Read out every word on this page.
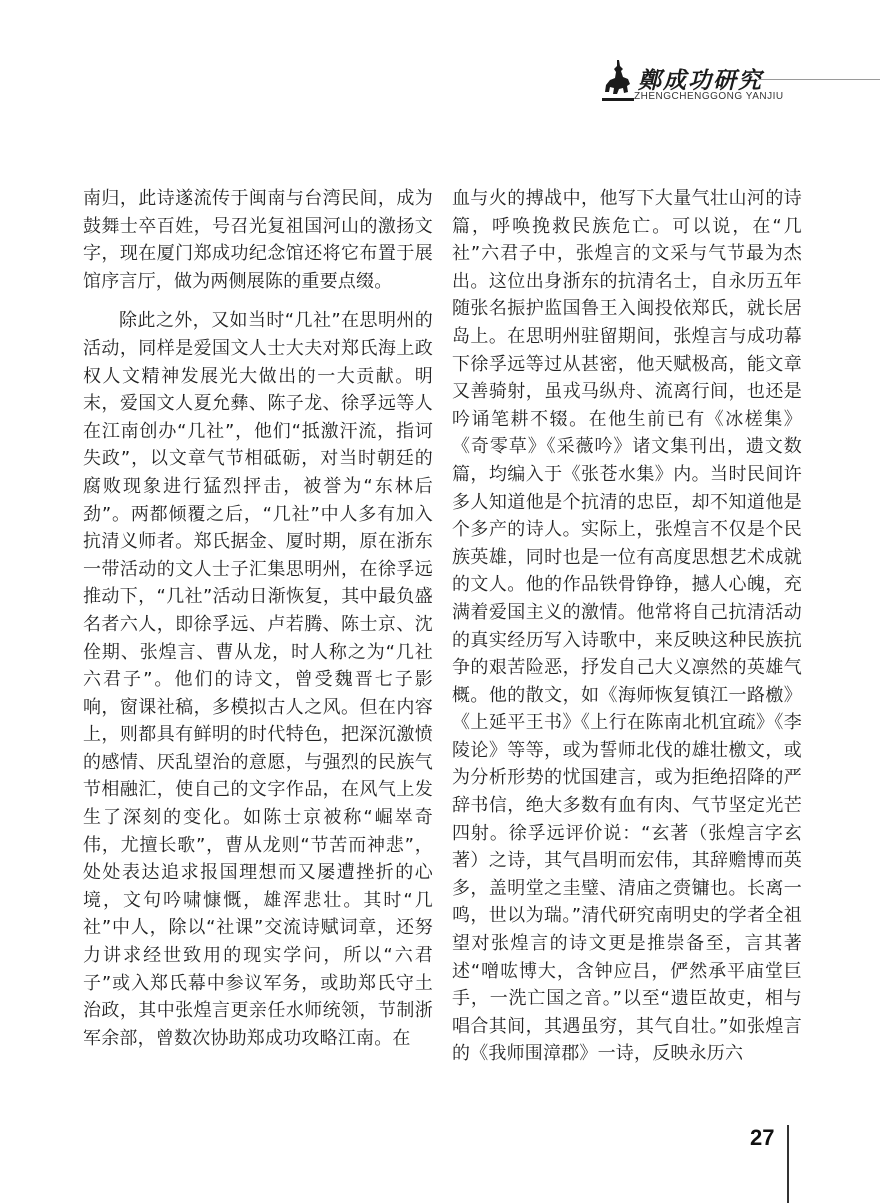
鄭成功研究
ZHENGCHENGGONG YANJIU

南归，此诗遂流传于闽南与台湾民间，成为鼓舞士卒百姓，号召光复祖国河山的激扬文字，现在厦门郑成功纪念馆还将它布置于展馆序言厅，做为两侧展陈的重要点缀。

除此之外，又如当时“几社”在思明州的活动，同样是爱国文人士大夫对郑氏海上政权人文精神发展光大做出的一大贡献。明末，爱国文人夏允彝、陈子龙、徐孚远等人在江南创办“几社”，他们“抵激汗流，指诃失政”，以文章气节相砥砺，对当时朝廷的腐败现象进行猛烈抨击，被誉为“东林后劲”。两都倾覆之后，“几社”中人多有加入抗清义师者。郑氏据金、厦时期，原在浙东一带活动的文人士子汇集思明州，在徐孚远推动下，“几社”活动日渐恢复，其中最负盛名者六人，即徐孚远、卢若腾、陈士京、沈佺期、张煌言、曹从龙，时人称之为“几社六君子”。他们的诗文，曾受魏晋七子影响，窗课社稿，多模拟古人之风。但在内容上，则都具有鲜明的时代特色，把深沉激愤的感情、厌乱望治的意愿，与强烈的民族气节相融汇，使自己的文字作品，在风气上发生了深刻的变化。如陈士京被称“崛崒奇伟，尤擅长歌”，曹从龙则“节苦而神悲”，处处表达追求报国理想而又屡遭挫折的心境，文句吟啸慷慨，雄浑悲壮。其时“几社”中人，除以“社课”交流诗赋词章，还努力讲求经世致用的现实学问，所以“六君子”或入郑氏幕中参议军务，或助郑氏守土治政，其中张煌言更亲任水师统领，节制浙军余部，曾数次协助郑成功攻略江南。在

血与火的搏战中，他写下大量气壮山河的诗篇，呼唤挽救民族危亡。可以说，在“几社”六君子中，张煌言的文采与气节最为杰出。这位出身浙东的抗清名士，自永历五年随张名振护监国鲁王入闽投依郑氏，就长居岛上。在思明州驻留期间，张煌言与成功幕下徐孚远等过从甚密，他天赋极高，能文章又善骑射，虽戎马纵舟、流离行间，也还是吟诵笔耕不辍。在他生前已有《冰槎集》《奇零草》《采薇吟》诸文集刊出，遗文数篇，均编入于《张苍水集》内。当时民间许多人知道他是个抗清的忠臣，却不知道他是个多产的诗人。实际上，张煌言不仅是个民族英雄，同时也是一位有高度思想艺术成就的文人。他的作品铁骨铮铮，撼人心魄，充满着爱国主义的激情。他常将自己抗清活动的真实经历写入诗歌中，来反映这种民族抗争的艰苦险恶，抒发自己大义凛然的英雄气概。他的散文，如《海师恢复镇江一路檄》《上延平王书》《上行在陈南北机宜疏》《李陵论》等等，或为誓师北伐的雄壮檄文，或为分析形势的忧国建言，或为拒绝招降的严辞书信，绝大多数有血有肉、气节坚定光芒四射。徐孚远评价说：“玄著（张煌言字玄著）之诗，其气昌明而宏伟，其辞赡博而英多，盖明堂之圭璧、清庙之赍镛也。长离一鸣，世以为瑞。”清代研究南明史的学者全祖望对张煌言的诗文更是推崇备至，言其著述“噌吰博大，含钟应吕，俨然承平庙堂巨手，一洗亡国之音。”以至“遗臣故吏，相与唱合其间，其遇虽穷，其气自壮。”如张煌言的《我师围漳郡》一诗，反映永历六

27
